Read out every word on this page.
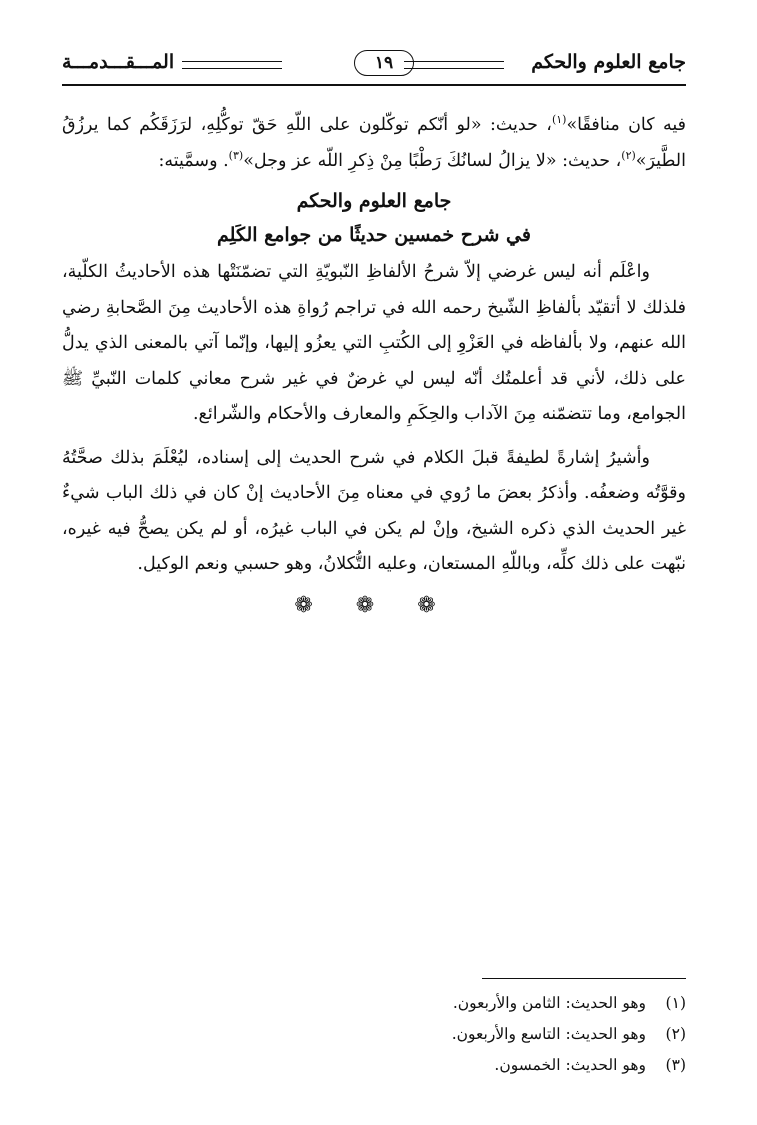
جامع العلوم والحكم
١٩
المـــقـــدمـــة

فيه كان منافقًا»$^{(١)}$، حديث: «لو أنّكم توكّلون على اللّهِ حَقّ توكُّلِهِ، لرَزَقَكُم كما يرزُقُ الطَّيرَ»$^{(٢)}$، حديث: «لا يزالُ لسانُكَ رَطْبًا مِنْ ذِكرِ اللّه عز وجل»$^{(٣)}$. وسمَّيته:

جامع العلوم والحكم
في شرح خمسين حديثًا من جوامع الكَلِم

واعْلَم أنه ليس غرضي إلاّ شرحُ الألفاظِ النّبويّةِ التي تضمّنَتْها هذه الأحاديثُ الكلّية، فلذلك لا أتقيّد بألفاظِ الشّيخ رحمه الله في تراجم رُواةِ هذه الأحاديث مِنَ الصَّحابةِ رضي الله عنهم، ولا بألفاظه في العَزْوِ إلى الكُتبِ التي يعزُو إليها، وإنّما آتي بالمعنى الذي يدلُّ على ذلك، لأني قد أعلمتُك أنّه ليس لي غرضٌ في غير شرح معاني كلمات النّبيِّ ﷺ الجوامع، وما تتضمّنه مِنَ الآداب والحِكَمِ والمعارف والأحكام والشّرائع.

وأشيرُ إشارةً لطيفةً قبلَ الكلام في شرح الحديث إلى إسناده، ليُعْلَمَ بذلك صحَّتُهُ وقوَّتُه وضعفُه. وأذكرُ بعضَ ما رُوي في معناه مِنَ الأحاديث إنْ كان في ذلك الباب شيءٌ غير الحديث الذي ذكره الشيخ، وإنْ لم يكن في الباب غيرُه، أو لم يكن يصحُّ فيه غيره، نبّهت على ذلك كلِّه، وباللّهِ المستعان، وعليه التُّكلانُ، وهو حسبي ونعم الوكيل.

❁ ❁ ❁
(١)وهو الحديث: الثامن والأربعون.
(٢)وهو الحديث: التاسع والأربعون.
(٣)وهو الحديث: الخمسون.
